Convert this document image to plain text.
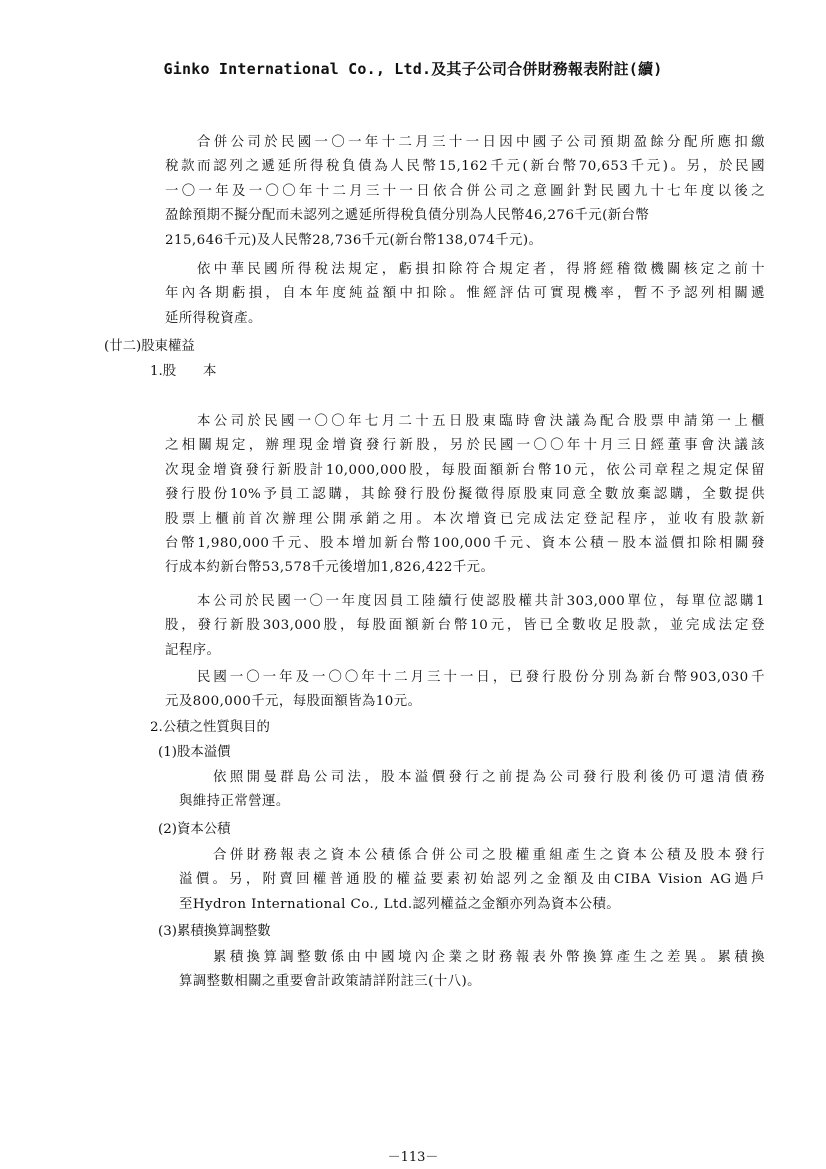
Ginko International Co., Ltd.及其子公司合併財務報表附註(續)
合併公司於民國一〇一年十二月三十一日因中國子公司預期盈餘分配所應扣繳
稅款而認列之遞延所得稅負債為人民幣15,162千元(新台幣70,653千元)。另，於民國
一〇一年及一〇〇年十二月三十一日依合併公司之意圖針對民國九十七年度以後之
盈餘預期不擬分配而未認列之遞延所得稅負債分別為人民幣46,276千元(新台幣
215,646千元)及人民幣28,736千元(新台幣138,074千元)。
依中華民國所得稅法規定，虧損扣除符合規定者，得將經稽徵機關核定之前十
年內各期虧損，自本年度純益額中扣除。惟經評估可實現機率，暫不予認列相關遞
延所得稅資產。
(廿二)股東權益
1.股　　本
本公司於民國一〇〇年七月二十五日股東臨時會決議為配合股票申請第一上櫃
之相關規定，辦理現金增資發行新股，另於民國一〇〇年十月三日經董事會決議該
次現金增資發行新股計10,000,000股，每股面額新台幣10元，依公司章程之規定保留
發行股份10%予員工認購，其餘發行股份擬徵得原股東同意全數放棄認購，全數提供
股票上櫃前首次辦理公開承銷之用。本次增資已完成法定登記程序，並收有股款新
台幣1,980,000千元、股本增加新台幣100,000千元、資本公積－股本溢價扣除相關發
行成本約新台幣53,578千元後增加1,826,422千元。
本公司於民國一〇一年度因員工陸續行使認股權共計303,000單位，每單位認購1
股，發行新股303,000股，每股面額新台幣10元，皆已全數收足股款，並完成法定登
記程序。
民國一〇一年及一〇〇年十二月三十一日，已發行股份分別為新台幣903,030千
元及800,000千元，每股面額皆為10元。
2.公積之性質與目的
(1)股本溢價
依照開曼群島公司法，股本溢價發行之前提為公司發行股利後仍可還清債務
與維持正常營運。
(2)資本公積
合併財務報表之資本公積係合併公司之股權重組產生之資本公積及股本發行
溢價。另，附賣回權普通股的權益要素初始認列之金額及由CIBA Vision AG過戶
至Hydron International Co., Ltd.認列權益之金額亦列為資本公積。
(3)累積換算調整數
累積換算調整數係由中國境內企業之財務報表外幣換算產生之差異。累積換
算調整數相關之重要會計政策請詳附註三(十八)。
－113－
